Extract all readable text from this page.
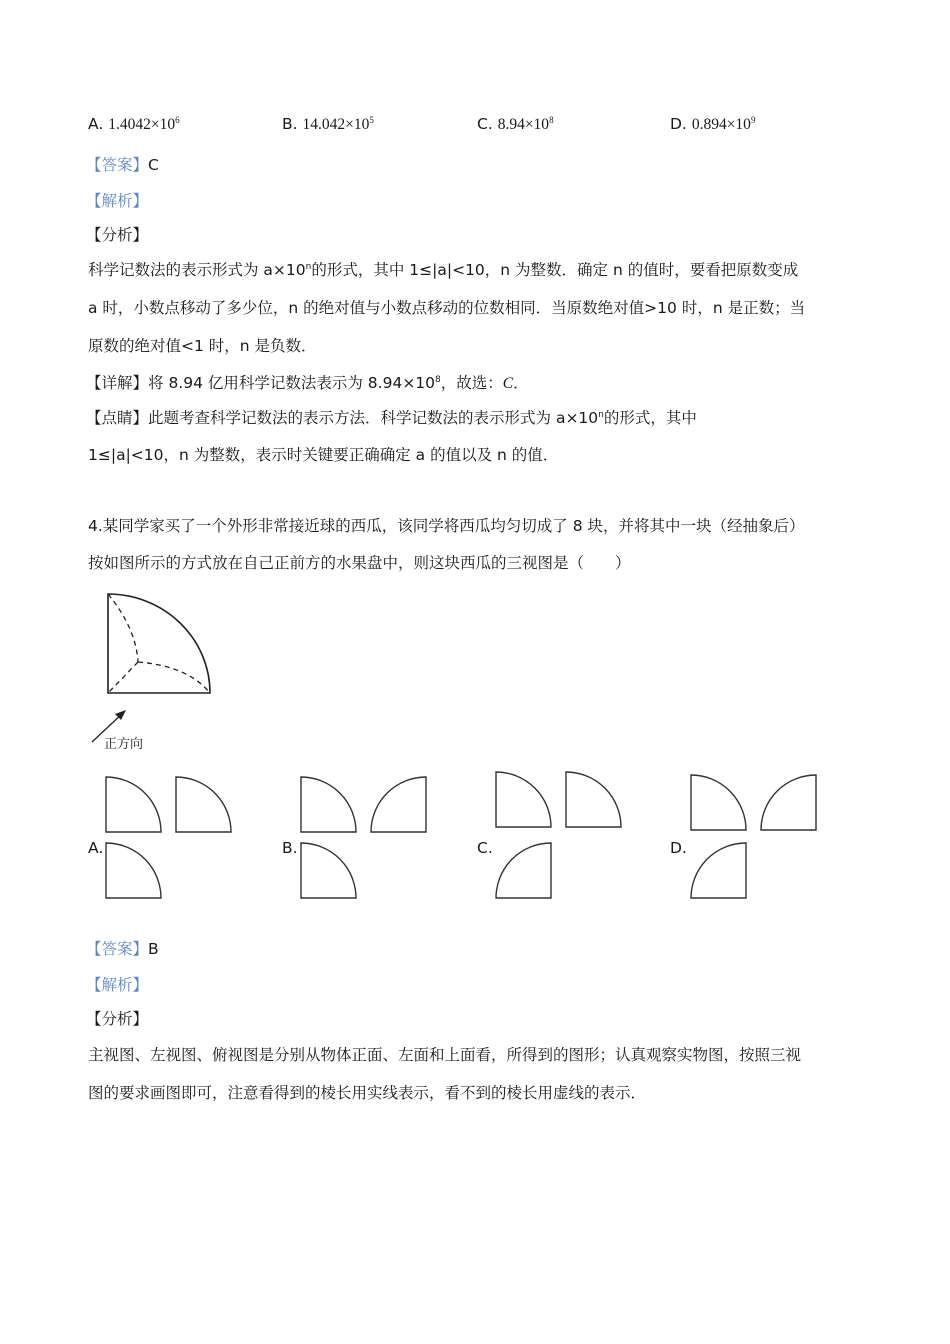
A. $1.4042\times 10^6$	B. $14.042\times 10^5$	C. $8.94\times 10^8$	D. $0.894\times 10^9$
【答案】C
【解析】
【分析】
科学记数法的表示形式为 $a\times 10^n$的形式，其中 1≤|a|<10，n 为整数．确定 n 的值时，要看把原数变成
a 时，小数点移动了多少位，n 的绝对值与小数点移动的位数相同．当原数绝对值>10 时，n 是正数；当
原数的绝对值<1 时，n 是负数．
【详解】将 8.94 亿用科学记数法表示为 $8.94\times 10^8$，故选：C．
【点睛】此题考查科学记数法的表示方法．科学记数法的表示形式为 $a\times 10^n$的形式，其中
1≤|a|<10，n 为整数，表示时关键要正确确定 a 的值以及 n 的值．
4.某同学家买了一个外形非常接近球的西瓜，该同学将西瓜均匀切成了 8 块，并将其中一块（经抽象后）
按如图所示的方式放在自己正前方的水果盘中，则这块西瓜的三视图是（　　）
正方向
A.	B.	C.	D.
【答案】B
【解析】
【分析】
主视图、左视图、俯视图是分别从物体正面、左面和上面看，所得到的图形；认真观察实物图，按照三视
图的要求画图即可，注意看得到的棱长用实线表示，看不到的棱长用虚线的表示．
